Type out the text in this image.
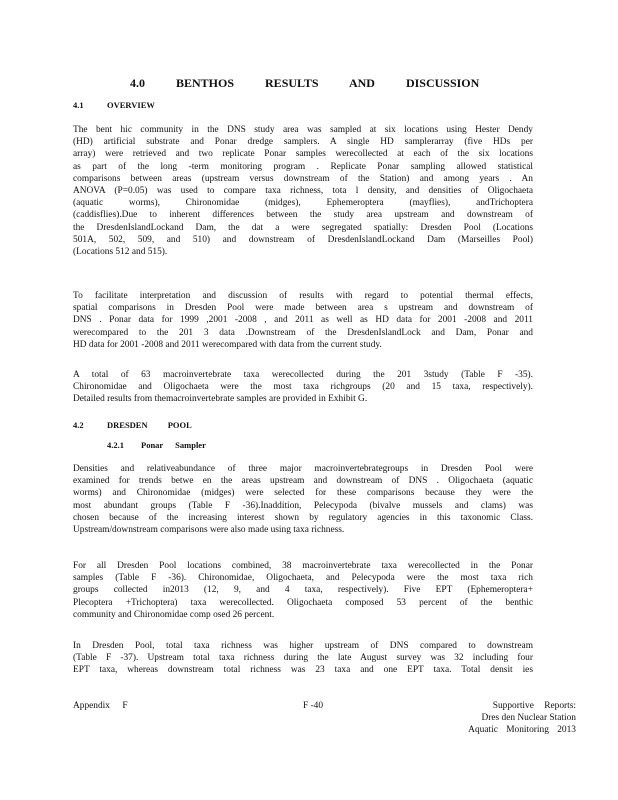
4.0 BENTHOS RESULTS AND DISCUSSION
4.1	OVERVIEW
The bent hic community in the DNS study area was sampled at six locations using Hester Dendy
(HD) artificial substrate and Ponar dredge samplers. A single HD samplerarray (five HDs per
array) were retrieved and two replicate Ponar samples werecollected at each of the six locations
as part of the long -term monitoring program . Replicate Ponar sampling allowed statistical
comparisons between areas (upstream versus downstream of the Station) and among years . An
ANOVA (P=0.05) was used to compare taxa richness, tota l density, and densities of Oligochaeta
(aquatic worms), Chironomidae (midges), Ephemeroptera (mayflies), andTrichoptera
(caddisflies).Due to inherent differences between the study area upstream and downstream of
the DresdenIslandLockand Dam, the dat a were segregated spatially: Dresden Pool (Locations
501A, 502, 509, and 510) and downstream of DresdenIslandLockand Dam (Marseilles Pool)
(Locations 512 and 515).
To facilitate interpretation and discussion of results with regard to potential thermal effects,
spatial comparisons in Dresden Pool were made between area s upstream and downstream of
DNS . Ponar data for 1999 ,2001 -2008 , and 2011 as well as HD data for 2001 -2008 and 2011
werecompared to the 201 3 data .Downstream of the DresdenIslandLock and Dam, Ponar and
HD data for 2001 -2008 and 2011 werecompared with data from the current study.
A total of 63 macroinvertebrate taxa werecollected during the 201 3study (Table F -35).
Chironomidae and Oligochaeta were the most taxa richgroups (20 and 15 taxa, respectively).
Detailed results from themacroinvertebrate samples are provided in Exhibit G.
4.2	DRESDEN POOL
4.2.1 Ponar Sampler
Densities and relativeabundance of three major macroinvertebrategroups in Dresden Pool were
examined for trends betwe en the areas upstream and downstream of DNS . Oligochaeta (aquatic
worms) and Chironomidae (midges) were selected for these comparisons because they were the
most abundant groups (Table F -36).Inaddition, Pelecypoda (bivalve mussels and clams) was
chosen because of the increasing interest shown by regulatory agencies in this taxonomic Class.
Upstream/downstream comparisons were also made using taxa richness.
For all Dresden Pool locations combined, 38 macroinvertebrate taxa werecollected in the Ponar
samples (Table F -36). Chironomidae, Oligochaeta, and Pelecypoda were the most taxa rich
groups collected in2013 (12, 9, and 4 taxa, respectively). Five EPT (Ephemeroptera+
Plecoptera +Trichoptera) taxa werecollected. Oligochaeta composed 53 percent of the benthic
community and Chironomidae comp osed 26 percent.
In Dresden Pool, total taxa richness was higher upstream of DNS compared to downstream
(Table F -37). Upstream total taxa richness during the late August survey was 32 including four
EPT taxa, whereas downstream total richness was 23 taxa and one EPT taxa. Total densit ies
Appendix F	F -40	Supportive Reports:
Dres den Nuclear Station
Aquatic Monitoring 2013
